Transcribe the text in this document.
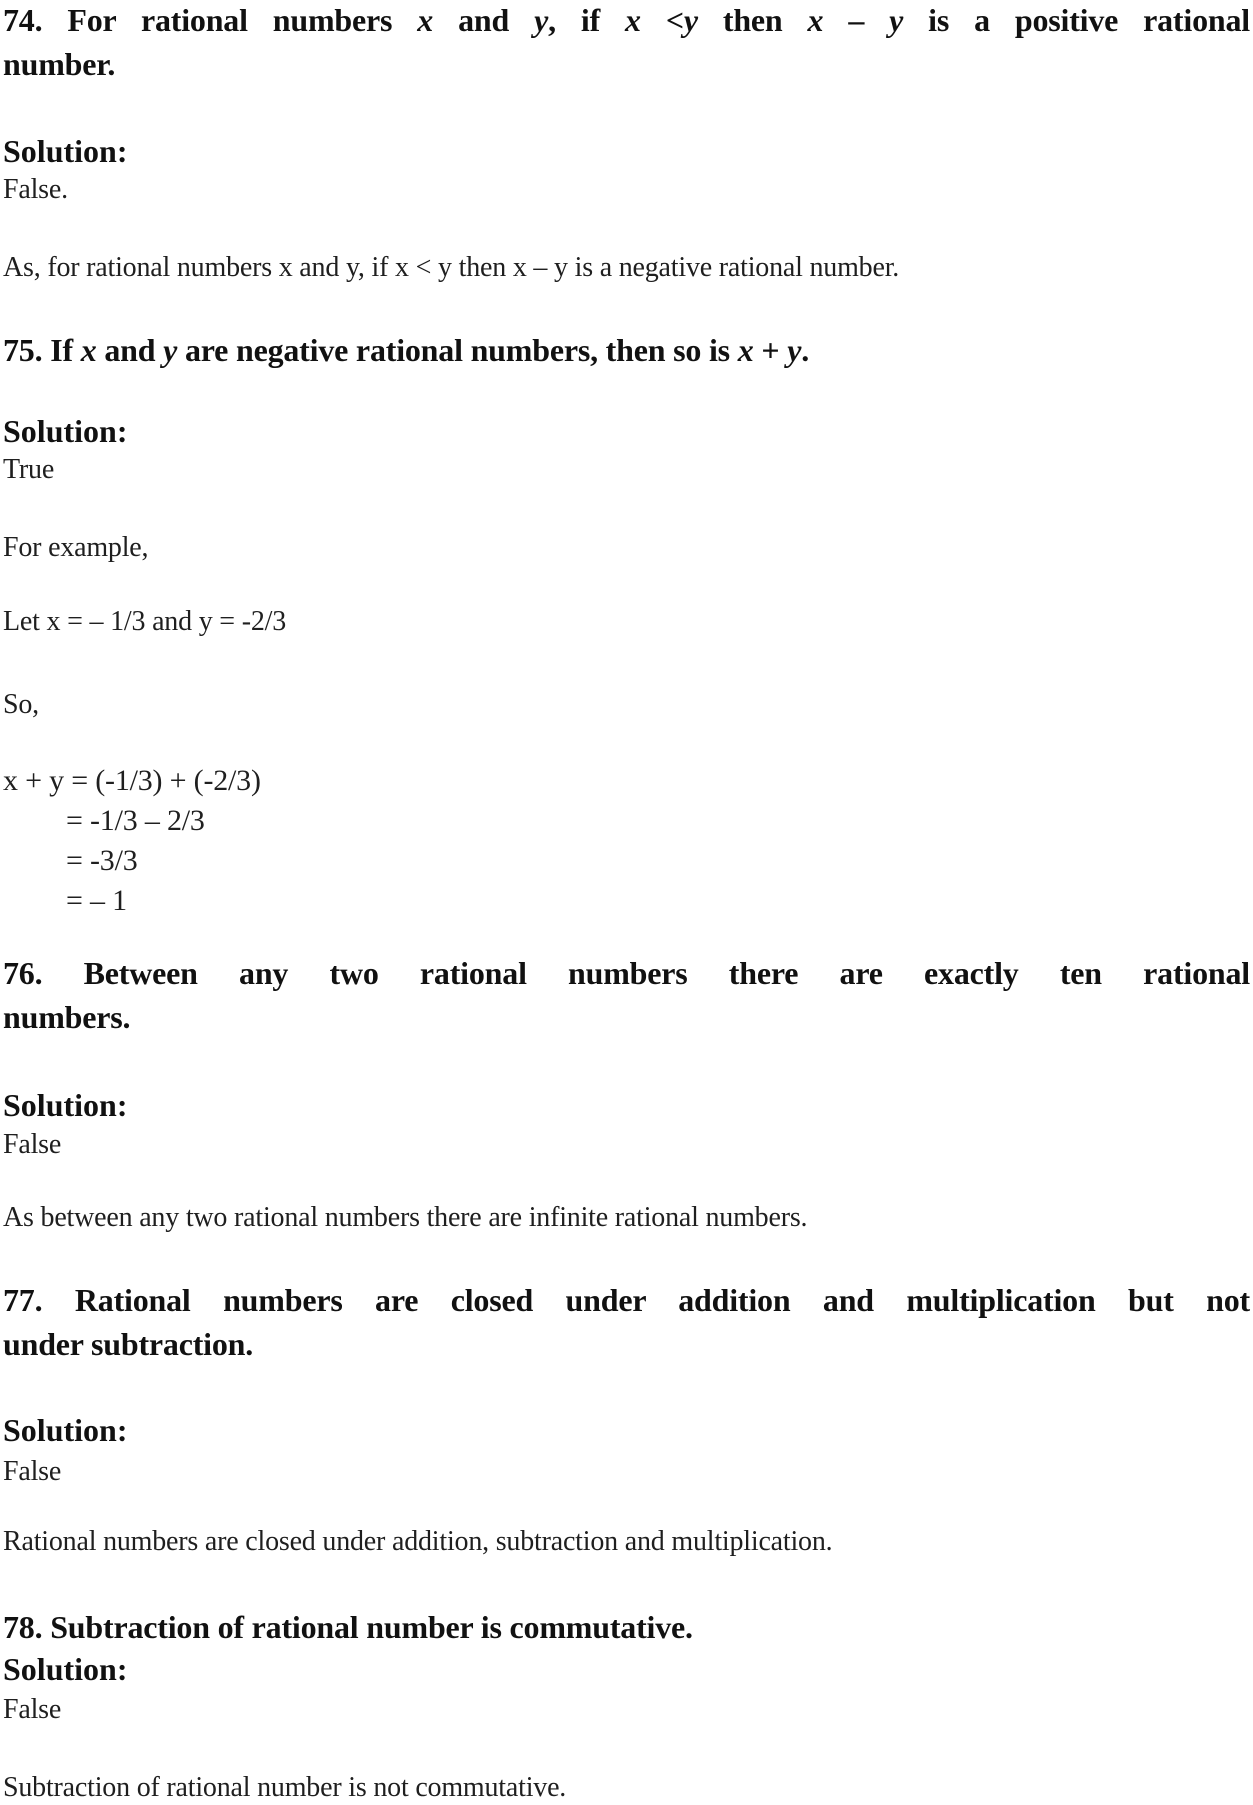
74. For rational numbers x and y, if x <y then x – y is a positive rational
number.
Solution:
False.
As, for rational numbers x and y, if x < y then x – y is a negative rational number.
75. If x and y are negative rational numbers, then so is x + y.
Solution:
True
For example,
Let x = – 1/3 and y = -2/3
So,
x + y = (-1/3) + (-2/3)
= -1/3 – 2/3
= -3/3
= – 1
76. Between any two rational numbers there are exactly ten rational
numbers.
Solution:
False
As between any two rational numbers there are infinite rational numbers.
77. Rational numbers are closed under addition and multiplication but not
under subtraction.
Solution:
False
Rational numbers are closed under addition, subtraction and multiplication.
78. Subtraction of rational number is commutative.
Solution:
False
Subtraction of rational number is not commutative.
